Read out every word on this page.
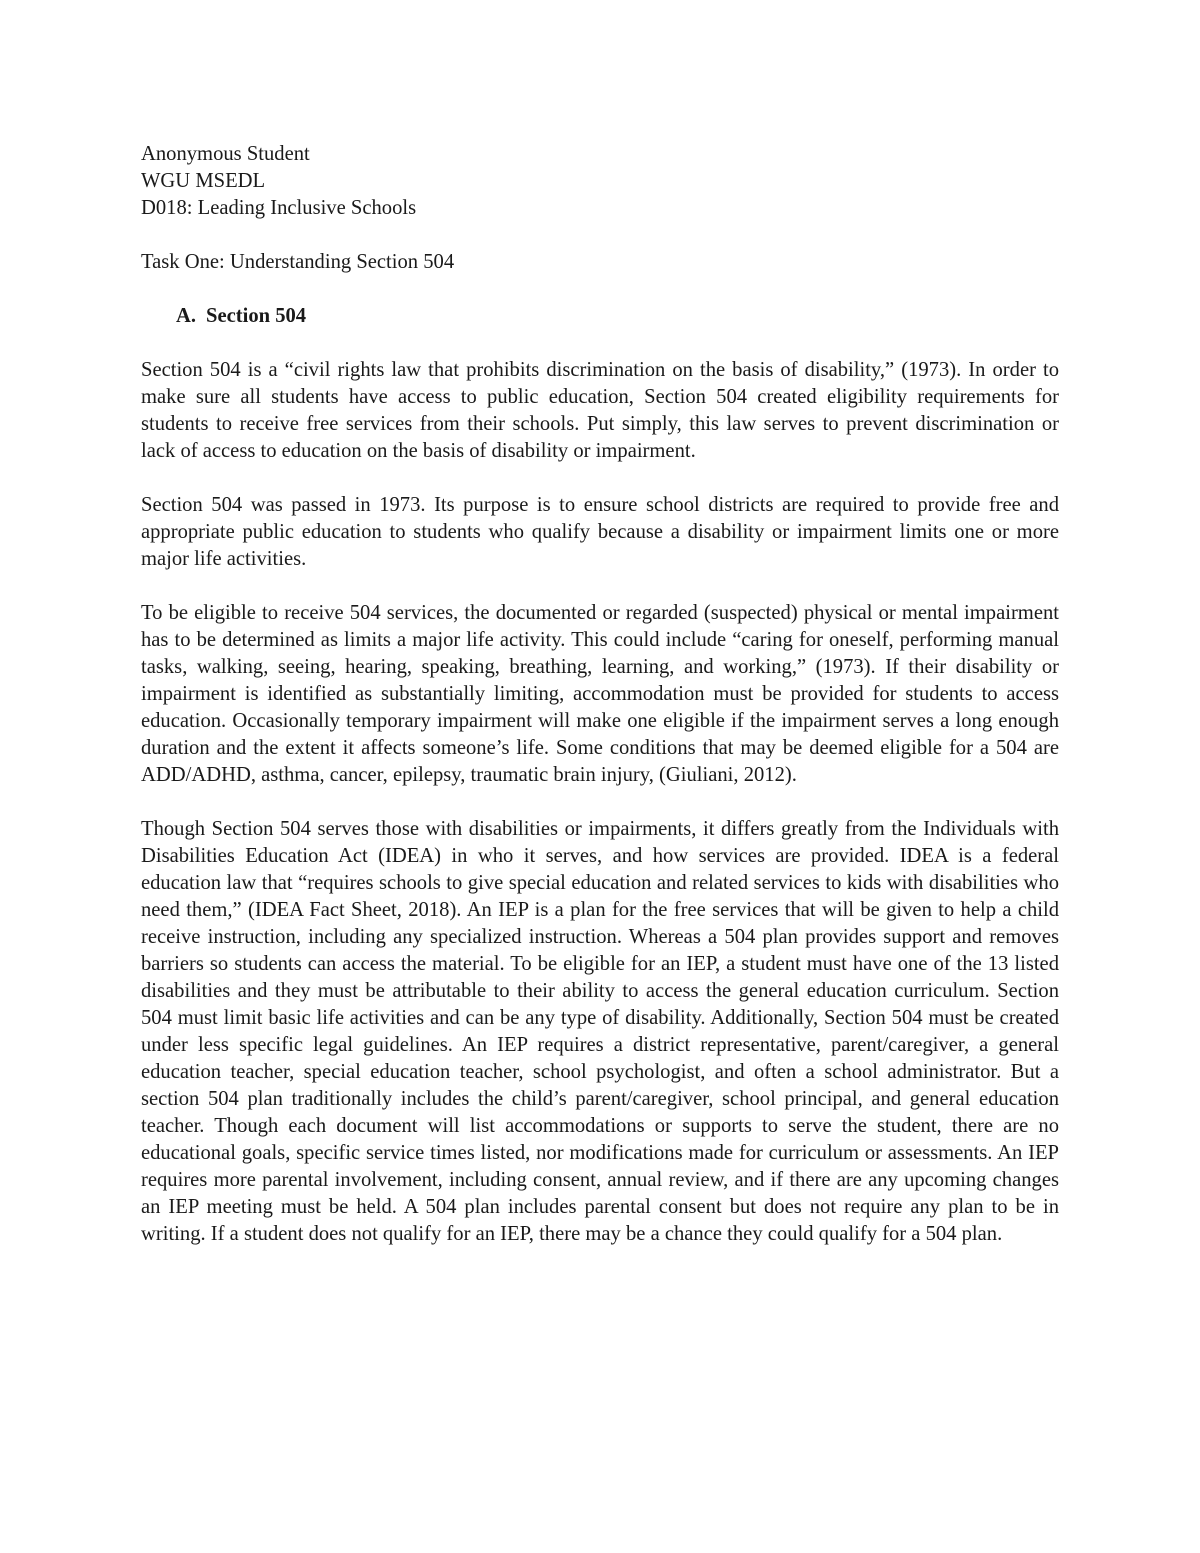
Anonymous Student
WGU MSEDL
D018: Leading Inclusive Schools
Task One: Understanding Section 504
A. Section 504

Section 504 is a “civil rights law that prohibits discrimination on the basis of disability,” (1973). In order to make sure all students have access to public education, Section 504 created eligibility requirements for students to receive free services from their schools. Put simply, this law serves to prevent discrimination or lack of access to education on the basis of disability or impairment.

Section 504 was passed in 1973. Its purpose is to ensure school districts are required to provide free and appropriate public education to students who qualify because a disability or impairment limits one or more major life activities.

To be eligible to receive 504 services, the documented or regarded (suspected) physical or mental impairment has to be determined as limits a major life activity. This could include “caring for oneself, performing manual tasks, walking, seeing, hearing, speaking, breathing, learning, and working,” (1973). If their disability or impairment is identified as substantially limiting, accommodation must be provided for students to access education. Occasionally temporary impairment will make one eligible if the impairment serves a long enough duration and the extent it affects someone’s life. Some conditions that may be deemed eligible for a 504 are ADD/ADHD, asthma, cancer, epilepsy, traumatic brain injury, (Giuliani, 2012).

Though Section 504 serves those with disabilities or impairments, it differs greatly from the Individuals with Disabilities Education Act (IDEA) in who it serves, and how services are provided. IDEA is a federal education law that “requires schools to give special education and related services to kids with disabilities who need them,” (IDEA Fact Sheet, 2018). An IEP is a plan for the free services that will be given to help a child receive instruction, including any specialized instruction. Whereas a 504 plan provides support and removes barriers so students can access the material. To be eligible for an IEP, a student must have one of the 13 listed disabilities and they must be attributable to their ability to access the general education curriculum. Section 504 must limit basic life activities and can be any type of disability. Additionally, Section 504 must be created under less specific legal guidelines. An IEP requires a district representative, parent/caregiver, a general education teacher, special education teacher, school psychologist, and often a school administrator. But a section 504 plan traditionally includes the child’s parent/caregiver, school principal, and general education teacher. Though each document will list accommodations or supports to serve the student, there are no educational goals, specific service times listed, nor modifications made for curriculum or assessments. An IEP requires more parental involvement, including consent, annual review, and if there are any upcoming changes an IEP meeting must be held. A 504 plan includes parental consent but does not require any plan to be in writing. If a student does not qualify for an IEP, there may be a chance they could qualify for a 504 plan.
